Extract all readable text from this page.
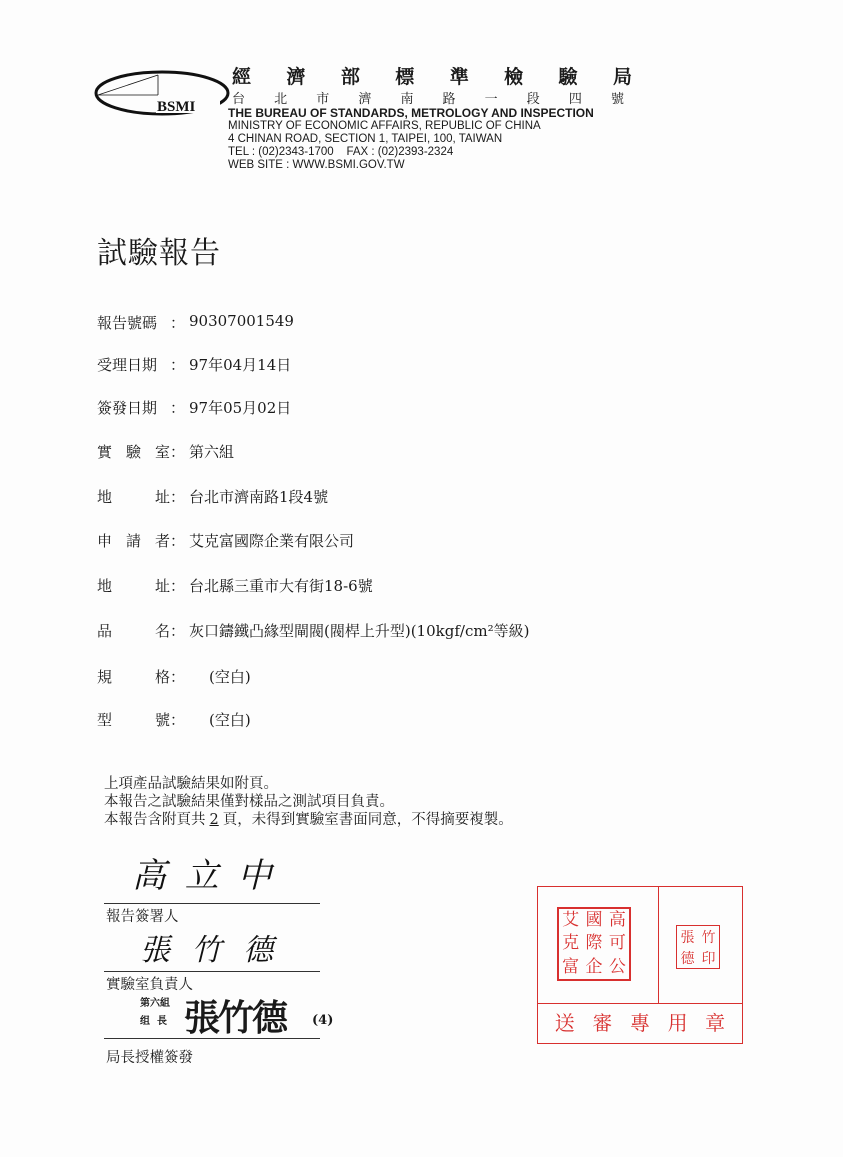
BSMI
經 濟 部 標 準 檢 驗 局
台 北 市 濟 南 路 一 段 四 號
THE BUREAU OF STANDARDS, METROLOGY AND INSPECTION
MINISTRY OF ECONOMIC AFFAIRS, REPUBLIC OF CHINA
4 CHINAN ROAD, SECTION 1, TAIPEI, 100, TAIWAN
TEL : (02)2343-1700    FAX : (02)2393-2324
WEB SITE : WWW.BSMI.GOV.TW
試驗報告
報告號碼 ： 90307001549
受理日期 ： 97年04月14日
簽發日期 ： 97年05月02日
實 驗 室： 第六組
地	址： 台北市濟南路1段4號
申 請 者： 艾克富國際企業有限公司
地	址： 台北縣三重市大有街18-6號
品	名： 灰口鑄鐵凸緣型閘閥(閥桿上升型)(10kgf/cm²等級)
規	格：	(空白)
型	號：	(空白)
上項產品試驗結果如附頁。
本報告之試驗結果僅對樣品之測試項目負責。
本報告含附頁共 2 頁，未得到實驗室書面同意，不得摘要複製。
高 立 中
報告簽署人
張 竹 德
實驗室負責人
第六組
组  長 張竹德 (4)
局長授權簽發
艾 國 高
克 際 可
富 企 公
張 竹
德 印
送 審 專 用 章
